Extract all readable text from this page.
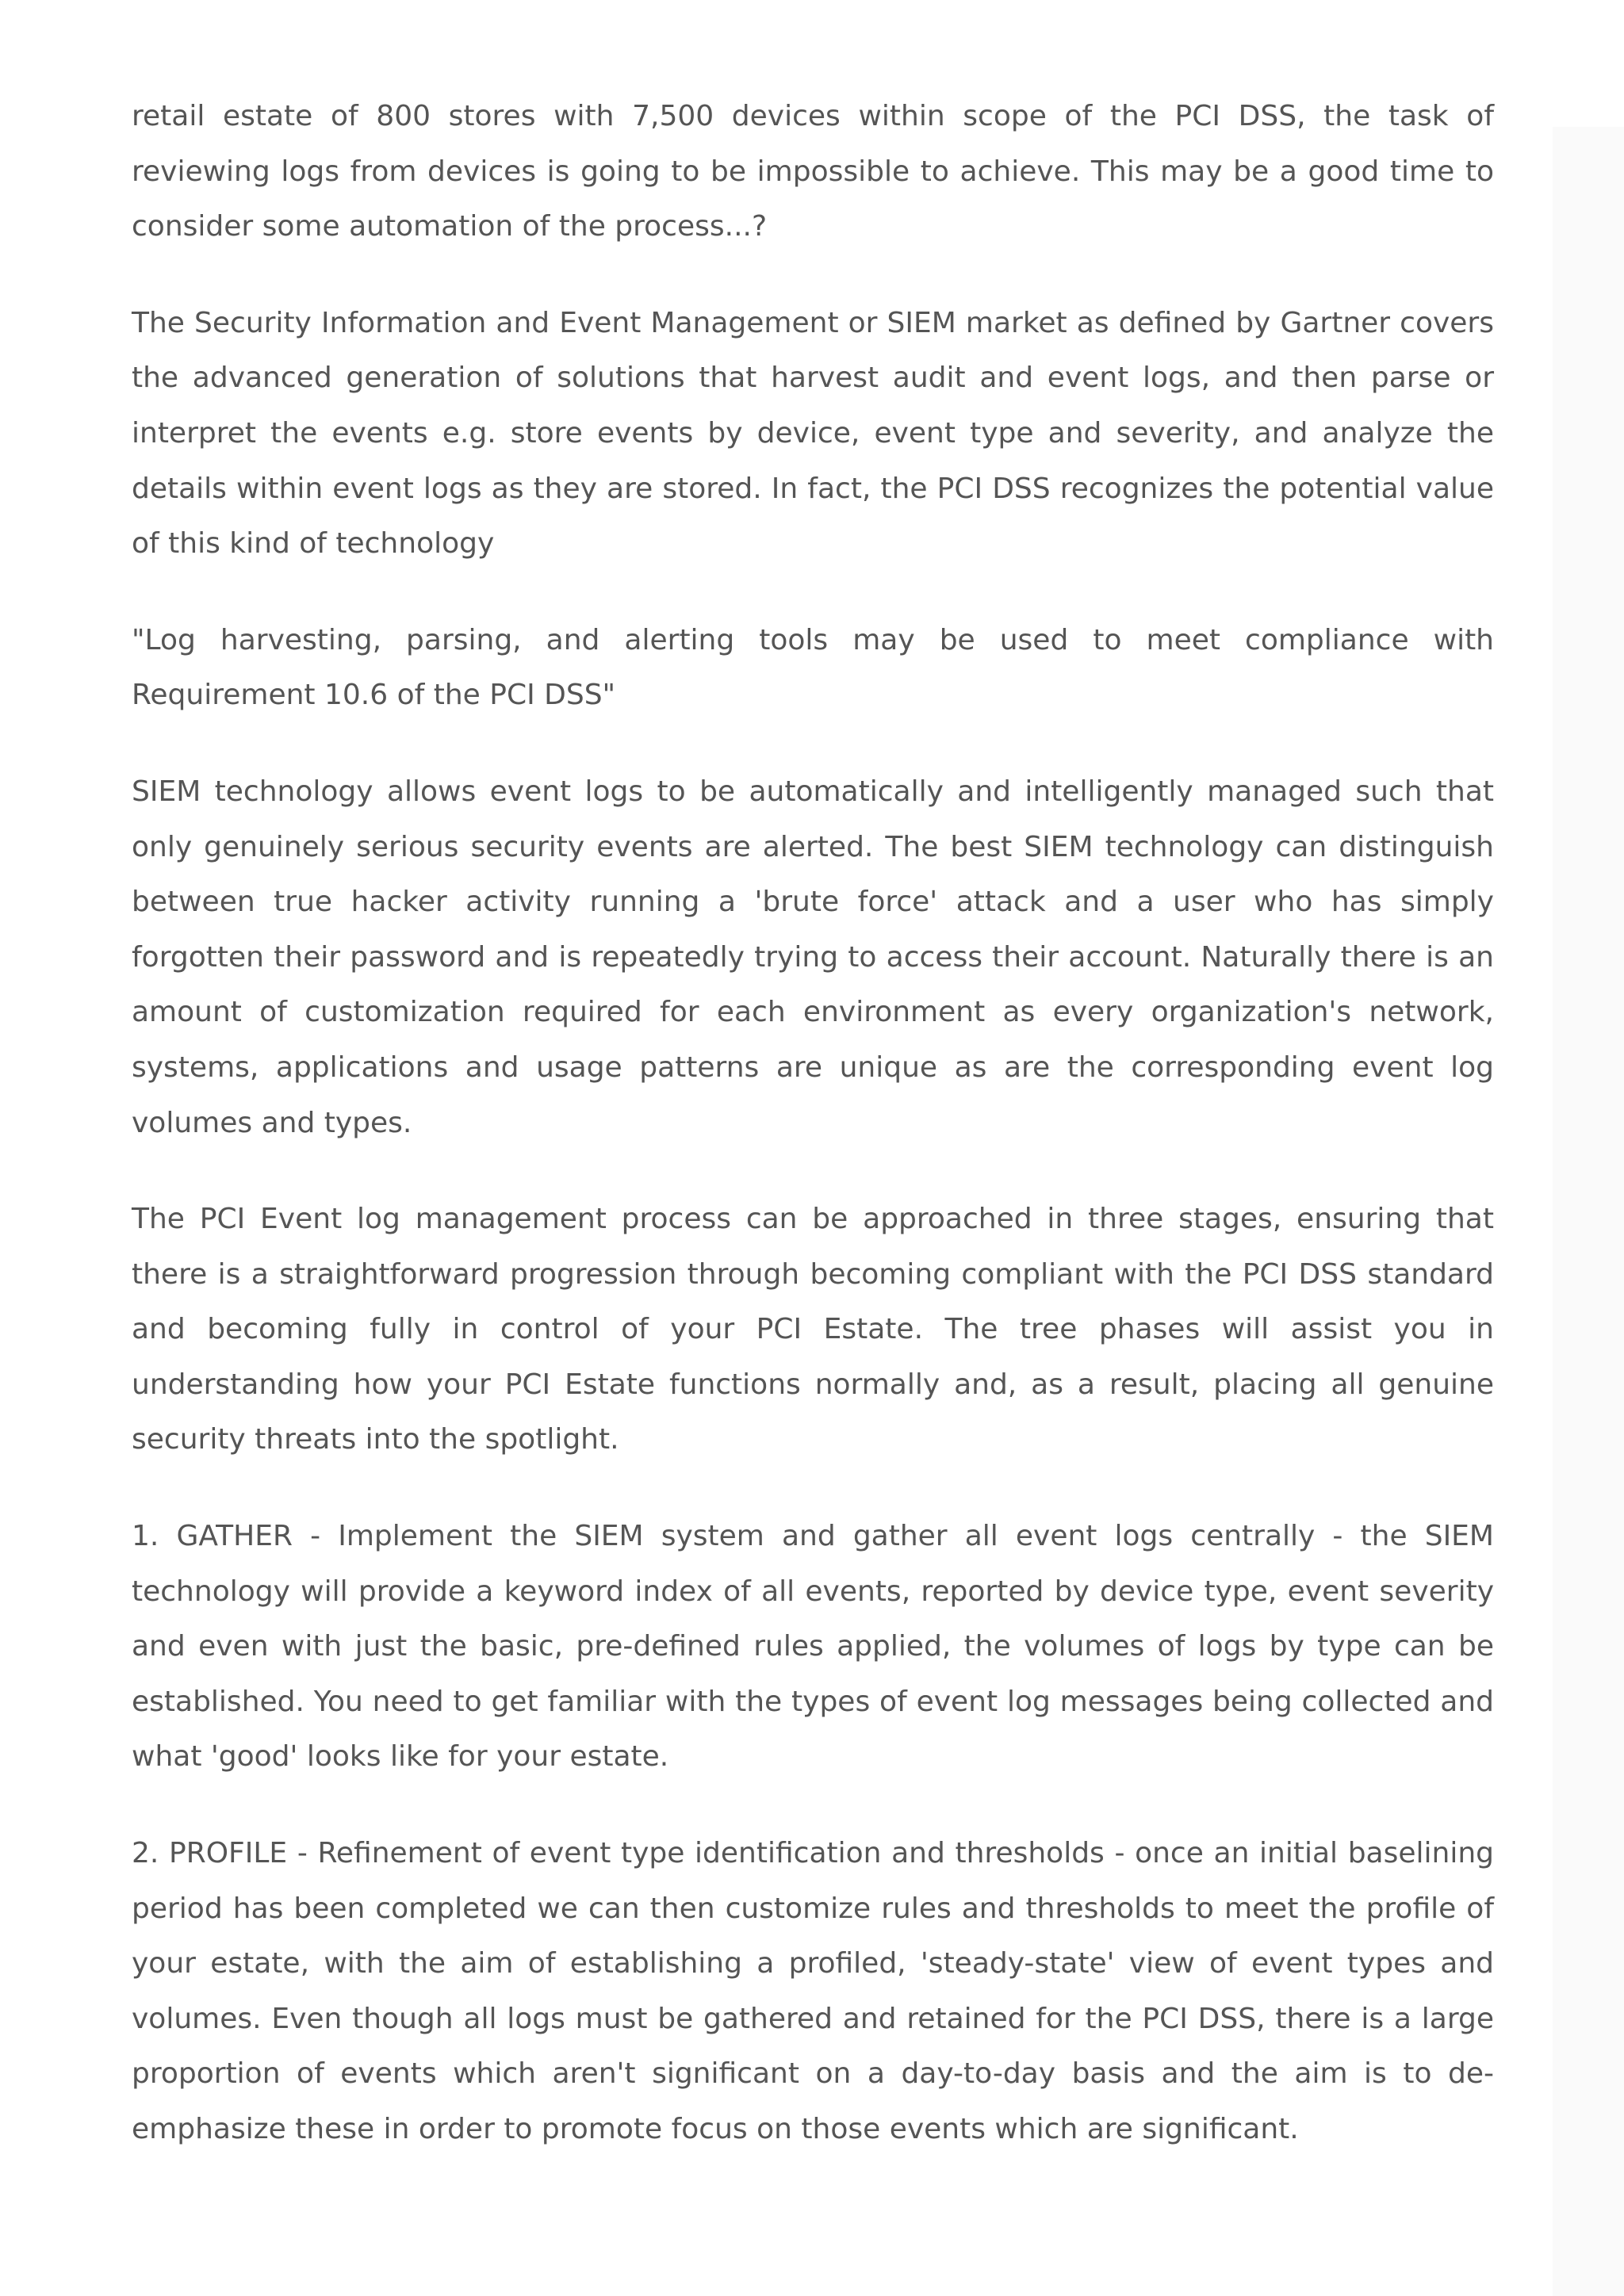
retail estate of 800 stores with 7,500 devices within scope of the PCI DSS, the task of reviewing logs from devices is going to be impossible to achieve. This may be a good time to consider some automation of the process...?

The Security Information and Event Management or SIEM market as defined by Gartner covers the advanced generation of solutions that harvest audit and event logs, and then parse or interpret the events e.g. store events by device, event type and severity, and analyze the details within event logs as they are stored. In fact, the PCI DSS recognizes the potential value of this kind of technology

"Log harvesting, parsing, and alerting tools may be used to meet compliance with Requirement 10.6 of the PCI DSS"

SIEM technology allows event logs to be automatically and intelligently managed such that only genuinely serious security events are alerted. The best SIEM technology can distinguish between true hacker activity running a 'brute force' attack and a user who has simply forgotten their password and is repeatedly trying to access their account. Naturally there is an amount of customization required for each environment as every organization's network, systems, applications and usage patterns are unique as are the corresponding event log volumes and types.

The PCI Event log management process can be approached in three stages, ensuring that there is a straightforward progression through becoming compliant with the PCI DSS standard and becoming fully in control of your PCI Estate. The tree phases will assist you in understanding how your PCI Estate functions normally and, as a result, placing all genuine security threats into the spotlight.

1. GATHER - Implement the SIEM system and gather all event logs centrally - the SIEM technology will provide a keyword index of all events, reported by device type, event severity and even with just the basic, pre-defined rules applied, the volumes of logs by type can be established. You need to get familiar with the types of event log messages being collected and what 'good' looks like for your estate.

2. PROFILE - Refinement of event type identification and thresholds - once an initial baselining period has been completed we can then customize rules and thresholds to meet the profile of your estate, with the aim of establishing a profiled, 'steady-state' view of event types and volumes. Even though all logs must be gathered and retained for the PCI DSS, there is a large proportion of events which aren't significant on a day-to-day basis and the aim is to de-emphasize these in order to promote focus on those events which are significant.
